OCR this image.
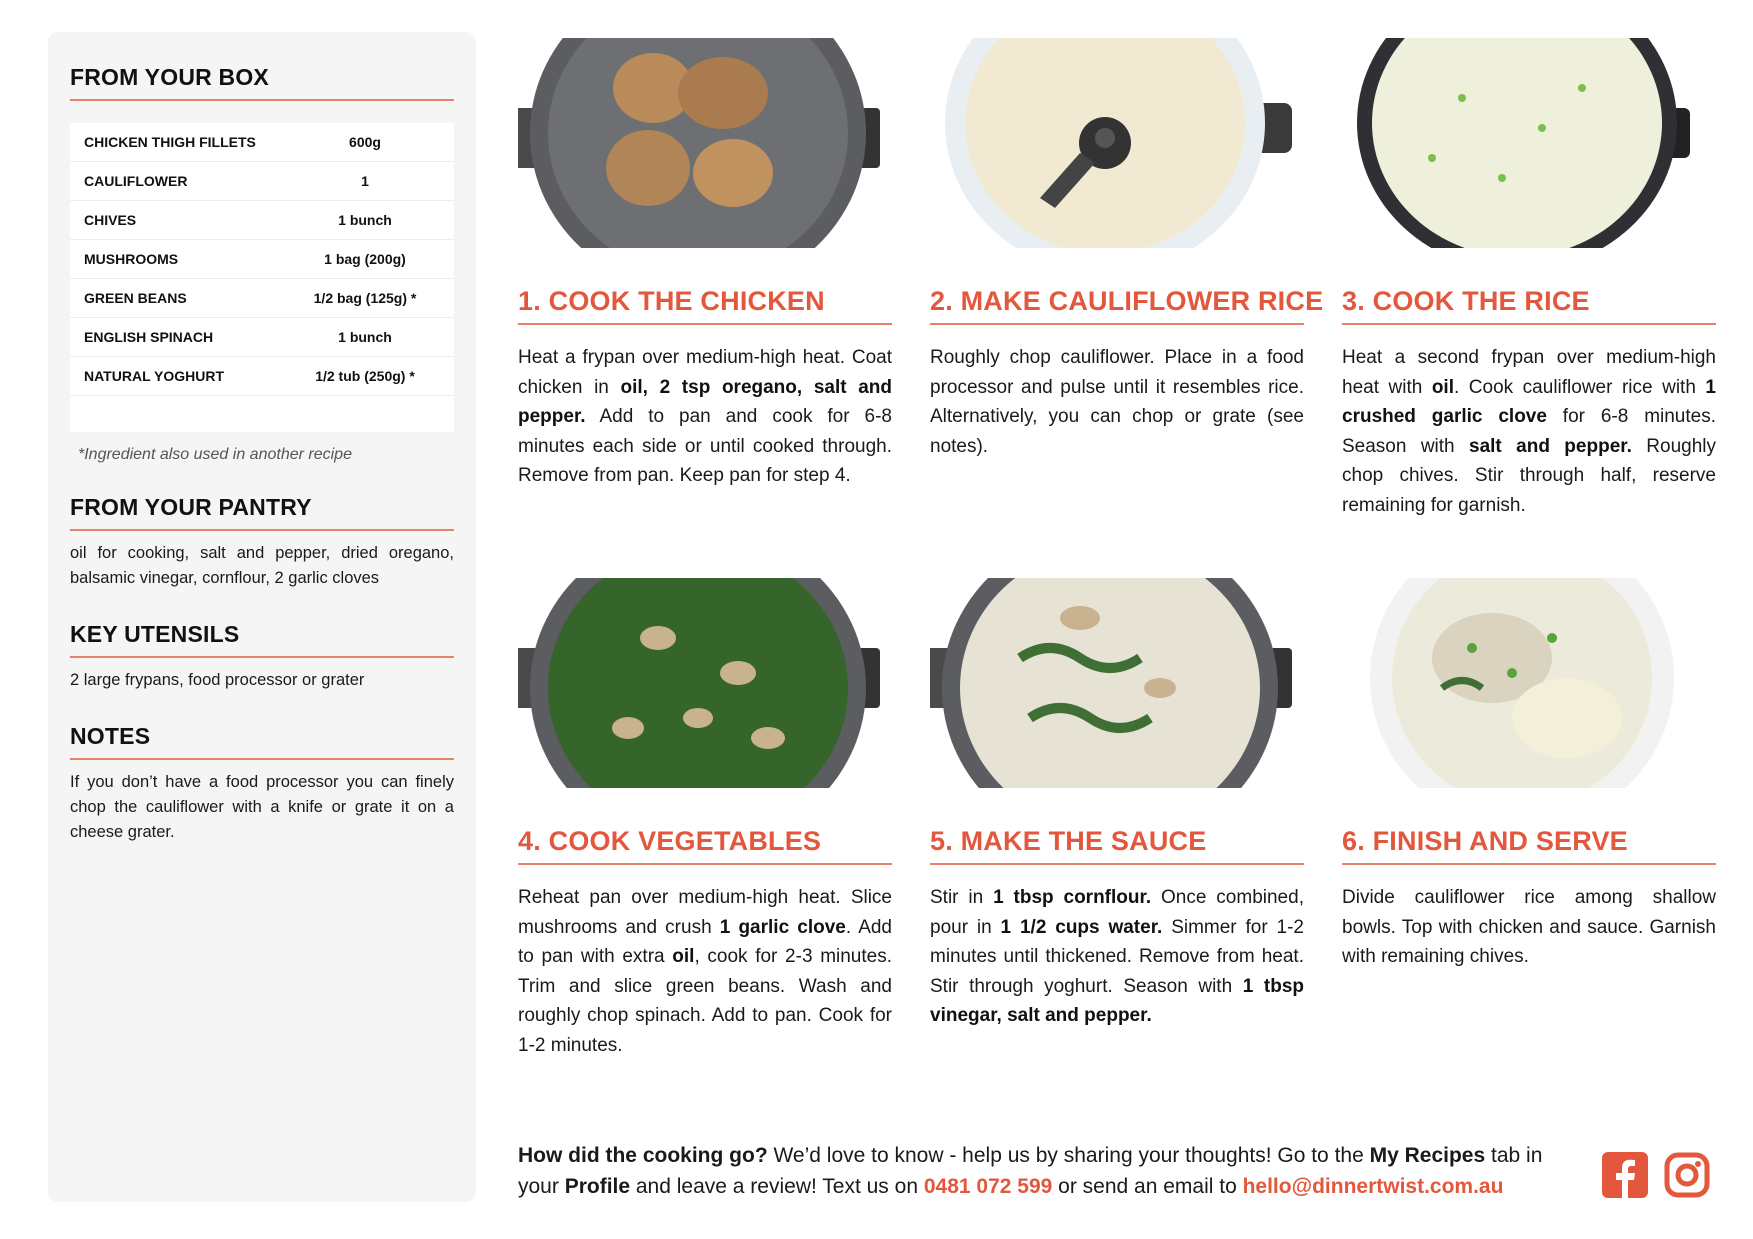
FROM YOUR BOX
CHICKEN THIGH FILLETS	600g
CAULIFLOWER	1
CHIVES	1 bunch
MUSHROOMS	1 bag (200g)
GREEN BEANS	1/2 bag (125g) *
ENGLISH SPINACH	1 bunch
NATURAL YOGHURT	1/2 tub (250g) *

*Ingredient also used in another recipe

FROM YOUR PANTRY

oil for cooking, salt and pepper, dried oregano, balsamic vinegar, cornflour, 2 garlic cloves

KEY UTENSILS

2 large frypans, food processor or grater

NOTES

If you don’t have a food processor you can finely chop the cauliflower with a knife or grate it on a cheese grater.

1. COOK THE CHICKEN

Heat a frypan over medium-high heat. Coat chicken in oil, 2 tsp oregano, salt and pepper. Add to pan and cook for 6-8 minutes each side or until cooked through. Remove from pan. Keep pan for step 4.

2. MAKE CAULIFLOWER RICE

Roughly chop cauliflower. Place in a food processor and pulse until it resembles rice. Alternatively, you can chop or grate (see notes).

3. COOK THE RICE

Heat a second frypan over medium-high heat with oil. Cook cauliflower rice with 1 crushed garlic clove for 6-8 minutes. Season with salt and pepper. Roughly chop chives. Stir through half, reserve remaining for garnish.

4. COOK VEGETABLES

Reheat pan over medium-high heat. Slice mushrooms and crush 1 garlic clove. Add to pan with extra oil, cook for 2-3 minutes. Trim and slice green beans. Wash and roughly chop spinach. Add to pan. Cook for 1-2 minutes.

5. MAKE THE SAUCE

Stir in 1 tbsp cornflour. Once combined, pour in 1 1/2 cups water. Simmer for 1-2 minutes until thickened. Remove from heat. Stir through yoghurt. Season with 1 tbsp vinegar, salt and pepper.

6. FINISH AND SERVE

Divide cauliflower rice among shallow bowls. Top with chicken and sauce. Garnish with remaining chives.

How did the cooking go? We’d love to know - help us by sharing your thoughts! Go to the My Recipes tab in your Profile and leave a review! Text us on 0481 072 599 or send an email to hello@dinnertwist.com.au
